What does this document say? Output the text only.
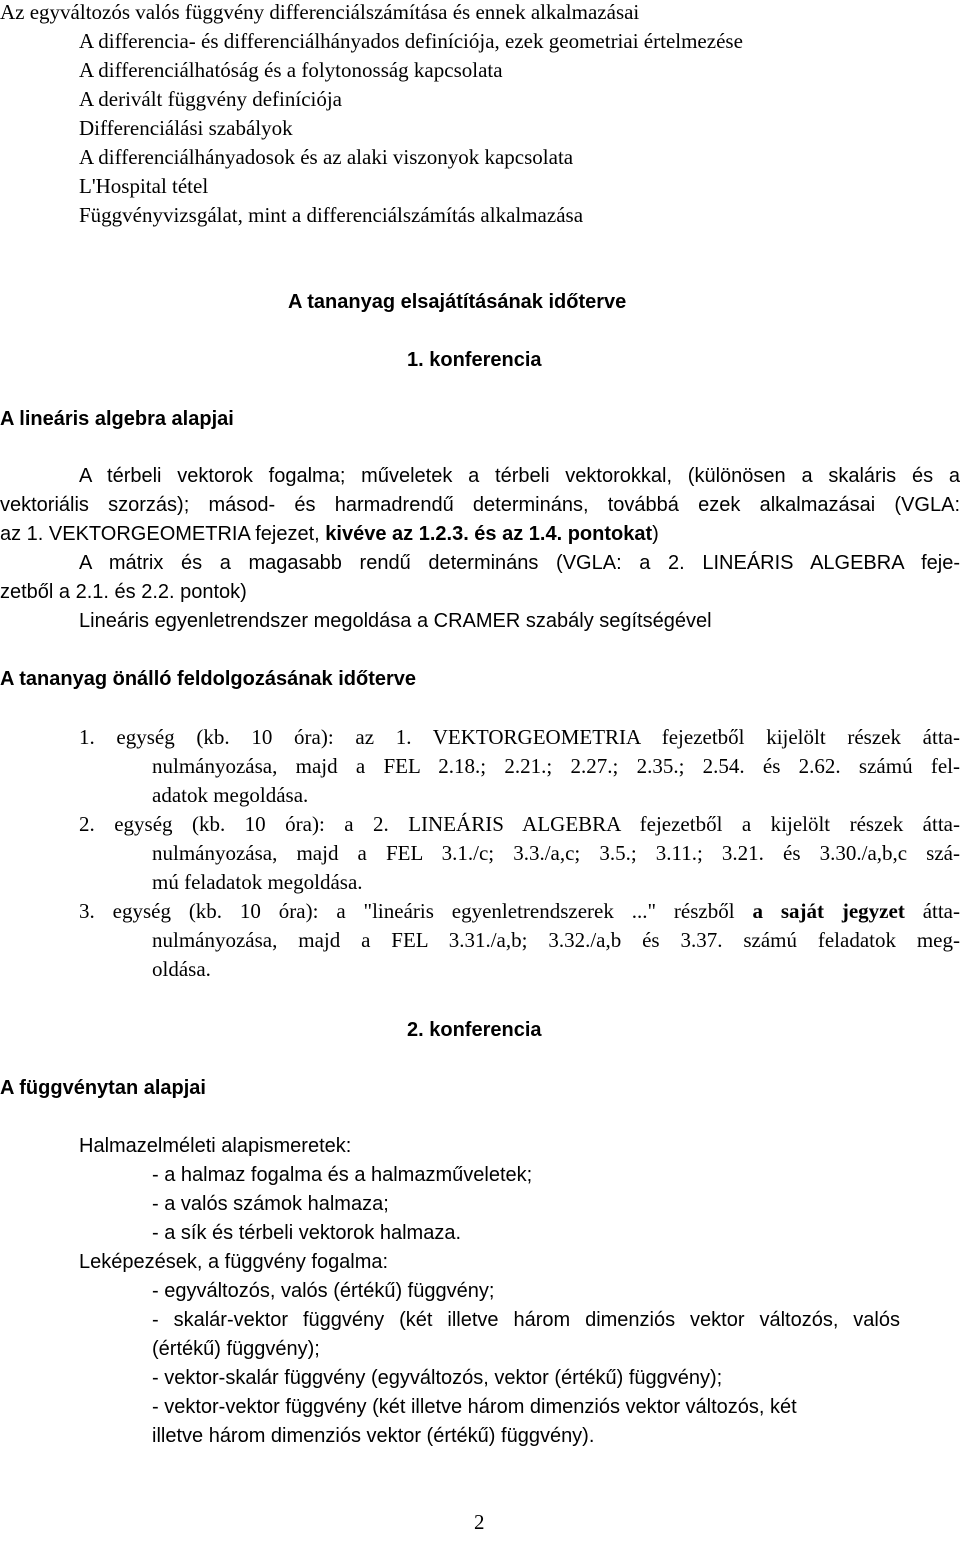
Az egyváltozós valós függvény differenciálszámítása és ennek alkalmazásai
A differencia- és differenciálhányados definíciója, ezek geometriai értelmezése
A differenciálhatóság és a folytonosság kapcsolata
A derivált függvény definíciója
Differenciálási szabályok
A differenciálhányadosok és az alaki viszonyok kapcsolata
L'Hospital tétel
Függvényvizsgálat, mint a differenciálszámítás alkalmazása
A tananyag elsajátításának időterve
1. konferencia
A lineáris algebra alapjai
A térbeli vektorok fogalma; műveletek a térbeli vektorokkal, (különösen a skaláris és a
vektoriális szorzás); másod- és harmadrendű determináns, továbbá ezek alkalmazásai (VGLA:
az 1. VEKTORGEOMETRIA fejezet, kivéve az 1.2.3. és az 1.4. pontokat)
A mátrix és a magasabb rendű determináns (VGLA: a 2. LINEÁRIS ALGEBRA feje-
zetből a 2.1. és 2.2. pontok)
Lineáris egyenletrendszer megoldása a CRAMER szabály segítségével
A tananyag önálló feldolgozásának időterve
1. egység (kb. 10 óra): az 1. VEKTORGEOMETRIA fejezetből kijelölt részek átta-
nulmányozása, majd a FEL 2.18.; 2.21.; 2.27.; 2.35.; 2.54. és 2.62. számú fel-
adatok megoldása.
2. egység (kb. 10 óra): a 2. LINEÁRIS ALGEBRA fejezetből a kijelölt részek átta-
nulmányozása, majd a FEL 3.1./c; 3.3./a,c; 3.5.; 3.11.; 3.21. és 3.30./a,b,c szá-
mú feladatok megoldása.
3. egység (kb. 10 óra): a "lineáris egyenletrendszerek ..." részből a saját jegyzet átta-
nulmányozása, majd a FEL 3.31./a,b; 3.32./a,b és 3.37. számú feladatok meg-
oldása.
2. konferencia
A függvénytan alapjai
Halmazelméleti alapismeretek:
- a halmaz fogalma és a halmazműveletek;
- a valós számok halmaza;
- a sík és térbeli vektorok halmaza.
Leképezések, a függvény fogalma:
- egyváltozós, valós (értékű) függvény;
- skalár-vektor függvény (két illetve három dimenziós vektor változós, valós
(értékű) függvény);
- vektor-skalár függvény (egyváltozós, vektor (értékű) függvény);
- vektor-vektor függvény (két illetve három dimenziós vektor változós, két
illetve három dimenziós vektor (értékű) függvény).
2
